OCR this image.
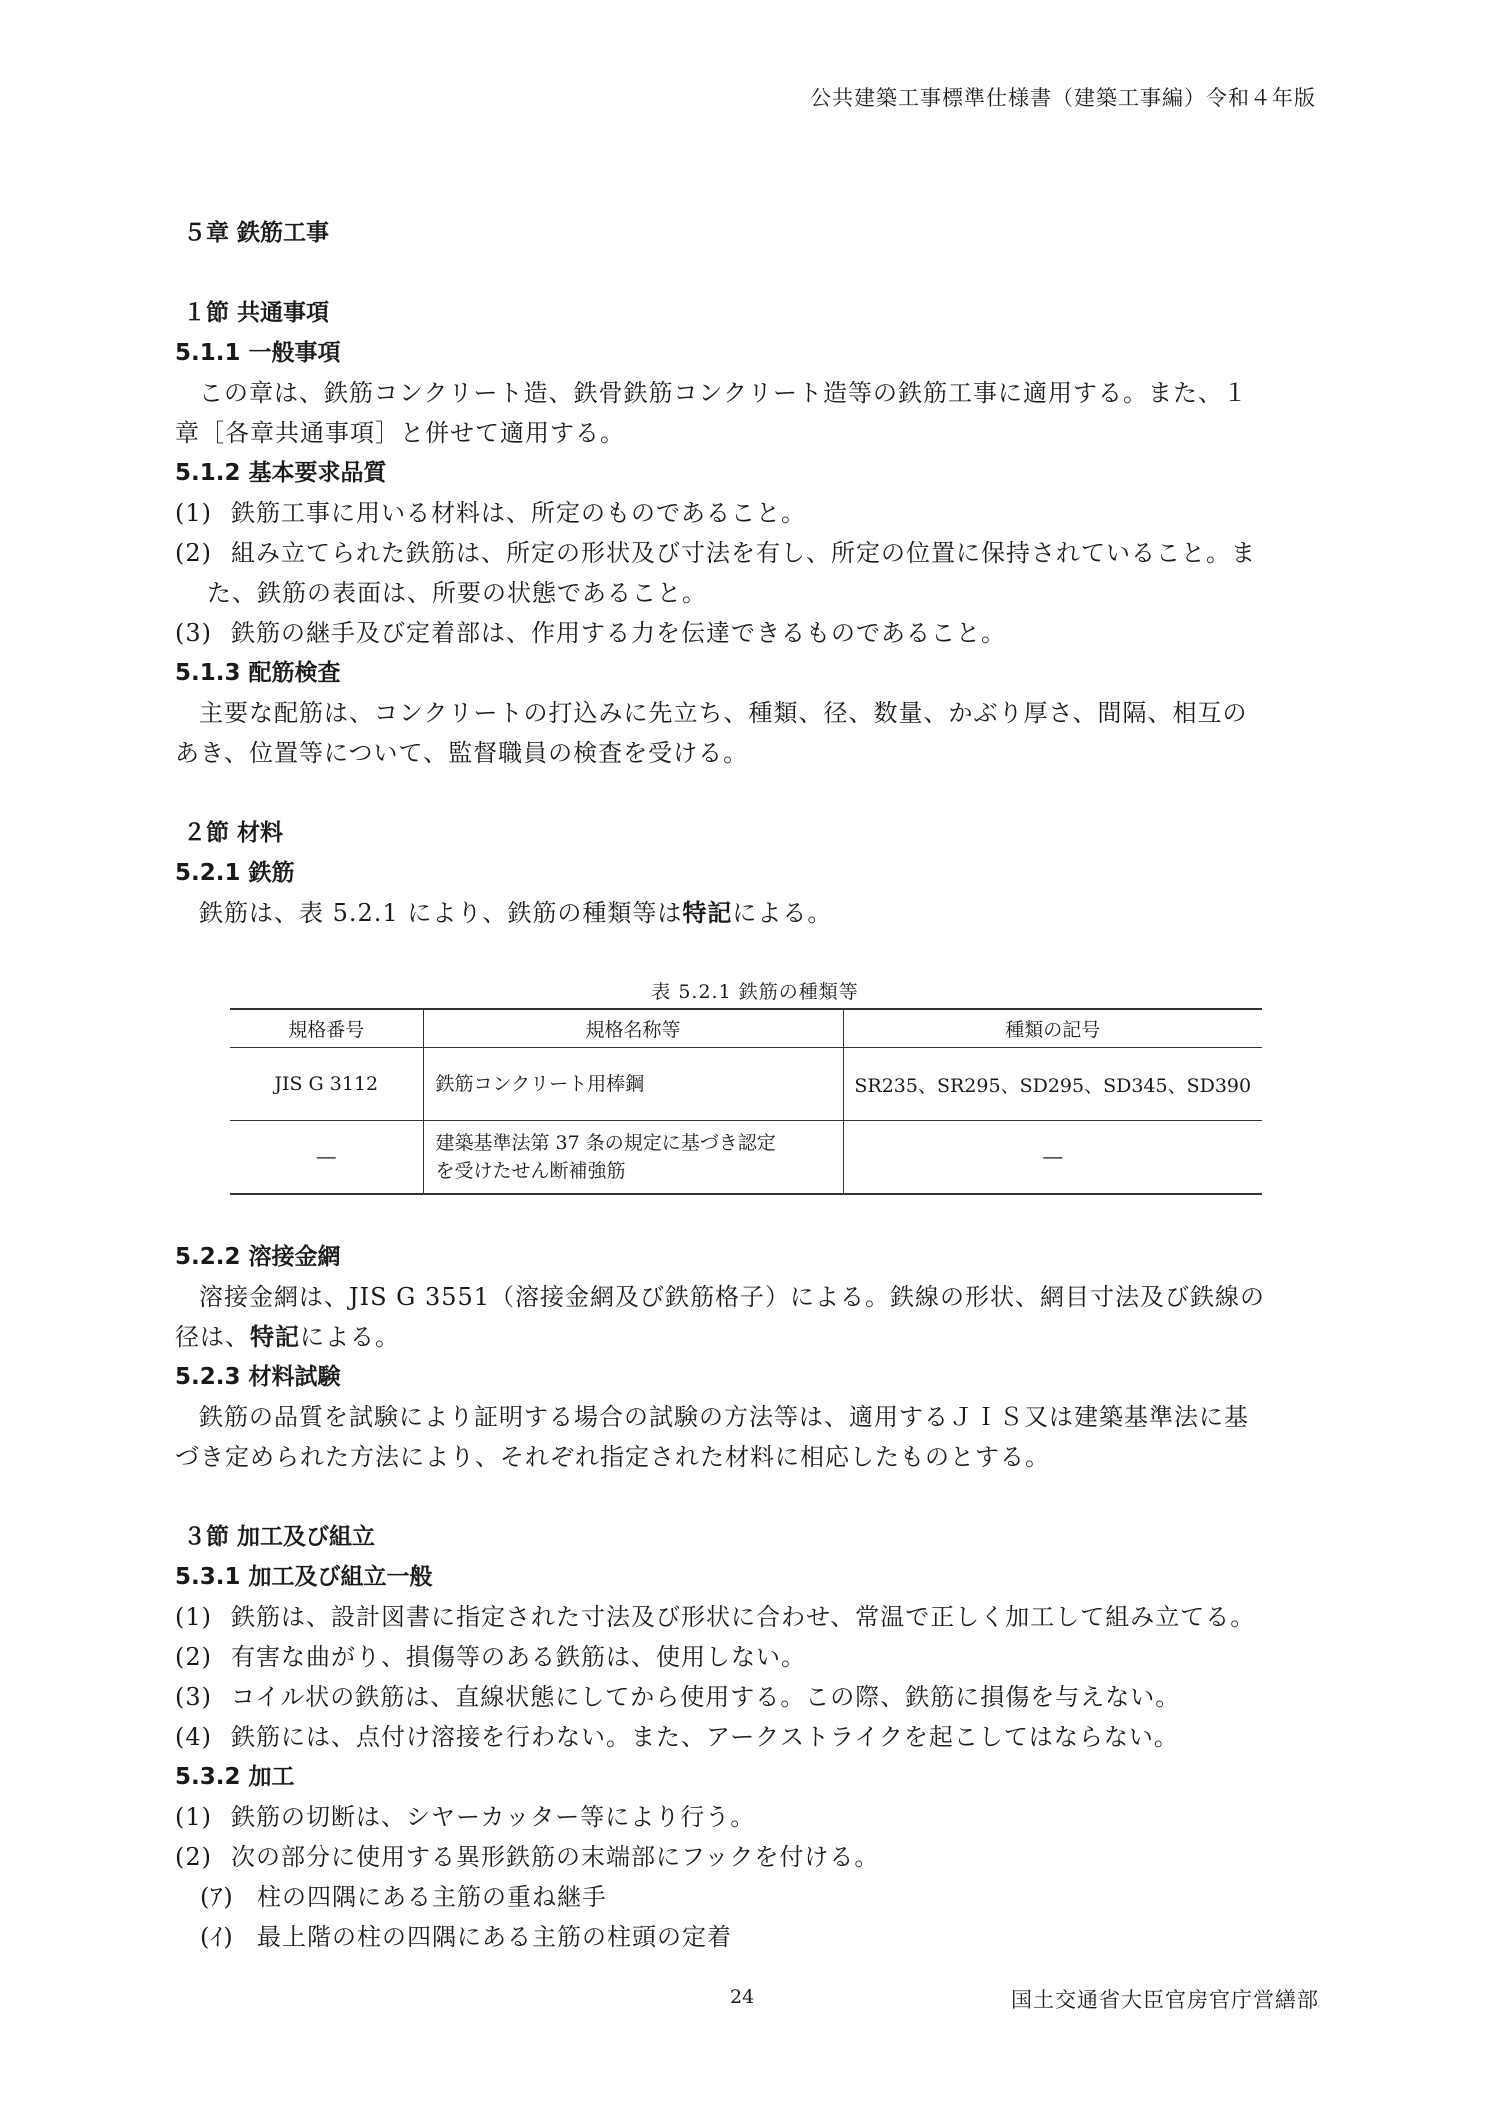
公共建築工事標準仕様書（建築工事編）令和４年版
５章 鉄筋工事
１節 共通事項
5.1.1 一般事項

この章は、鉄筋コンクリート造、鉄骨鉄筋コンクリート造等の鉄筋工事に適用する。また、１

章［各章共通事項］と併せて適用する。

5.1.2 基本要求品質
(1) 鉄筋工事に用いる材料は、所定のものであること。
(2) 組み立てられた鉄筋は、所定の形状及び寸法を有し、所定の位置に保持されていること。ま
た、鉄筋の表面は、所要の状態であること。
(3) 鉄筋の継手及び定着部は、作用する力を伝達できるものであること。
5.1.3 配筋検査

主要な配筋は、コンクリートの打込みに先立ち、種類、径、数量、かぶり厚さ、間隔、相互の

あき、位置等について、監督職員の検査を受ける。

２節 材料
5.2.1 鉄筋

鉄筋は、表 5.2.1 により、鉄筋の種類等は特記による。

表 5.2.1 鉄筋の種類等
規格番号	規格名称等	種類の記号
JIS G 3112	鉄筋コンクリート用棒鋼	SR235、SR295、SD295、SD345、SD390
―	建築基準法第 37 条の規定に基づき認定
を受けたせん断補強筋	―
5.2.2 溶接金網

溶接金網は、JIS G 3551（溶接金網及び鉄筋格子）による。鉄線の形状、網目寸法及び鉄線の

径は、特記による。

5.2.3 材料試験

鉄筋の品質を試験により証明する場合の試験の方法等は、適用するＪＩＳ又は建築基準法に基

づき定められた方法により、それぞれ指定された材料に相応したものとする。

３節 加工及び組立
5.3.1 加工及び組立一般
(1) 鉄筋は、設計図書に指定された寸法及び形状に合わせ、常温で正しく加工して組み立てる。
(2) 有害な曲がり、損傷等のある鉄筋は、使用しない。
(3) コイル状の鉄筋は、直線状態にしてから使用する。この際、鉄筋に損傷を与えない。
(4) 鉄筋には、点付け溶接を行わない。また、アークストライクを起こしてはならない。
5.3.2 加工
(1) 鉄筋の切断は、シヤーカッター等により行う。
(2) 次の部分に使用する異形鉄筋の末端部にフックを付ける。
(ｱ) 柱の四隅にある主筋の重ね継手
(ｲ) 最上階の柱の四隅にある主筋の柱頭の定着
24	国土交通省大臣官房官庁営繕部
